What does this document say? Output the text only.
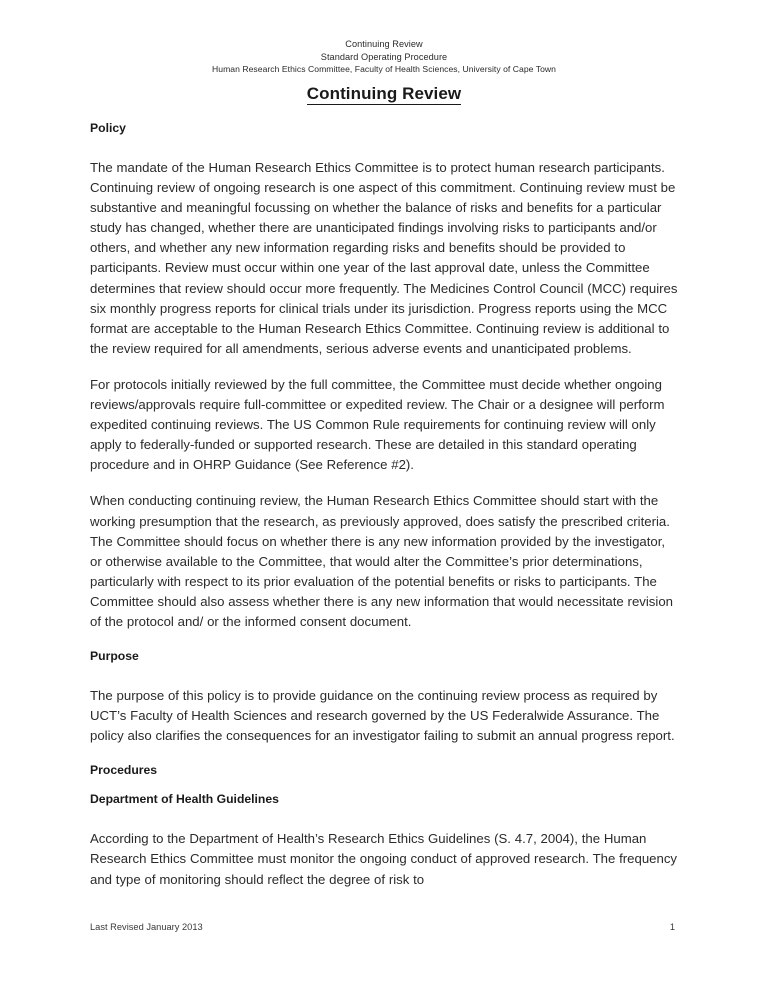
Continuing Review
Standard Operating Procedure
Human Research Ethics Committee, Faculty of Health Sciences, University of Cape Town
Continuing Review
Policy

The mandate of the Human Research Ethics Committee is to protect human research participants. Continuing review of ongoing research is one aspect of this commitment. Continuing review must be substantive and meaningful focussing on whether the balance of risks and benefits for a particular study has changed, whether there are unanticipated findings involving risks to participants and/or others, and whether any new information regarding risks and benefits should be provided to participants. Review must occur within one year of the last approval date, unless the Committee determines that review should occur more frequently. The Medicines Control Council (MCC) requires six monthly progress reports for clinical trials under its jurisdiction. Progress reports using the MCC format are acceptable to the Human Research Ethics Committee. Continuing review is additional to the review required for all amendments, serious adverse events and unanticipated problems.

For protocols initially reviewed by the full committee, the Committee must decide whether ongoing reviews/approvals require full-committee or expedited review. The Chair or a designee will perform expedited continuing reviews. The US Common Rule requirements for continuing review will only apply to federally-funded or supported research. These are detailed in this standard operating procedure and in OHRP Guidance (See Reference #2).

When conducting continuing review, the Human Research Ethics Committee should start with the working presumption that the research, as previously approved, does satisfy the prescribed criteria. The Committee should focus on whether there is any new information provided by the investigator, or otherwise available to the Committee, that would alter the Committee’s prior determinations, particularly with respect to its prior evaluation of the potential benefits or risks to participants. The Committee should also assess whether there is any new information that would necessitate revision of the protocol and/ or the informed consent document.

Purpose

The purpose of this policy is to provide guidance on the continuing review process as required by UCT’s Faculty of Health Sciences and research governed by the US Federalwide Assurance. The policy also clarifies the consequences for an investigator failing to submit an annual progress report.

Procedures
Department of Health Guidelines

According to the Department of Health’s Research Ethics Guidelines (S. 4.7, 2004), the Human Research Ethics Committee must monitor the ongoing conduct of approved research. The frequency and type of monitoring should reflect the degree of risk to

Last Revised January 2013	1
